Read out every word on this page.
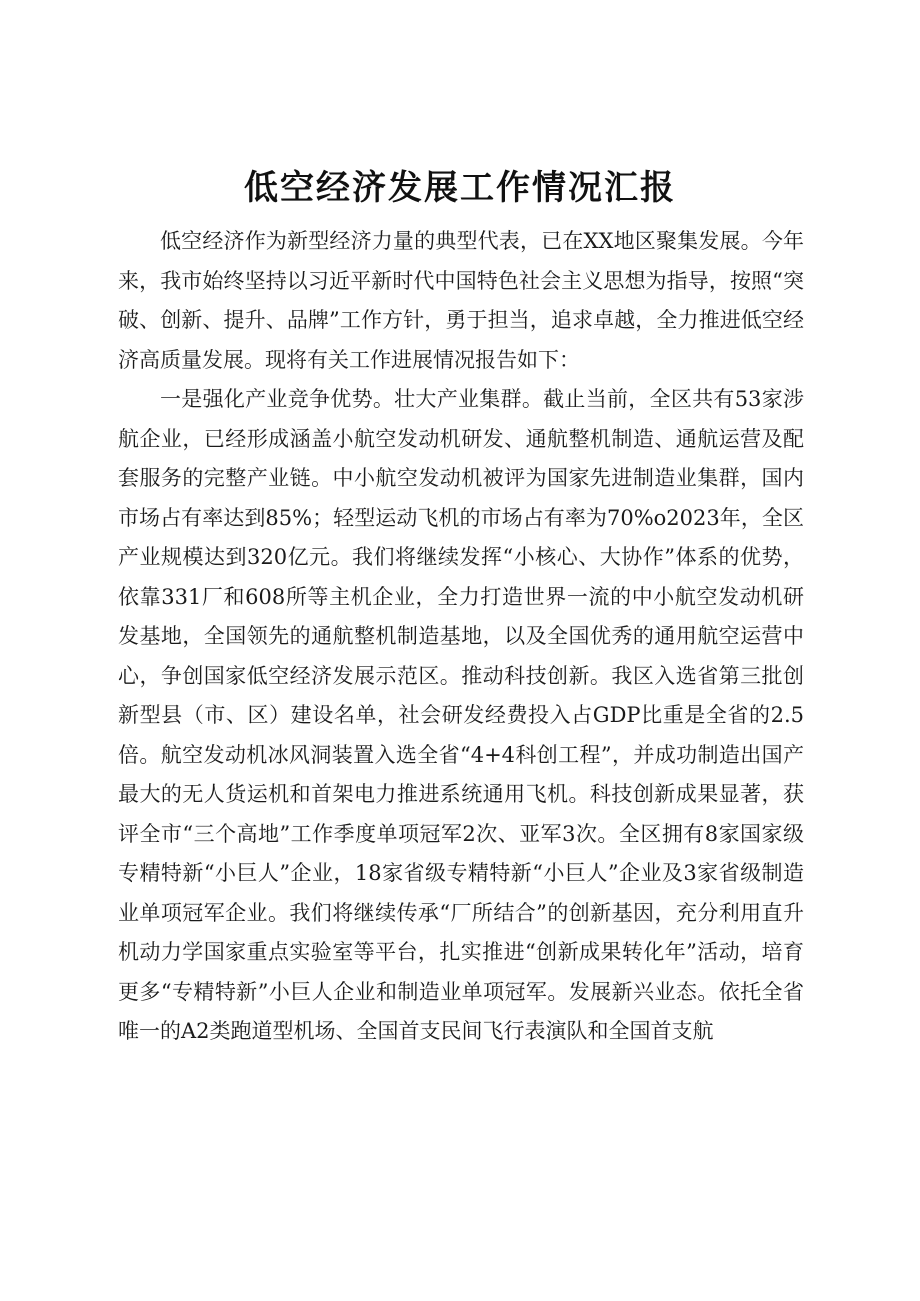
低空经济发展工作情况汇报

低空经济作为新型经济力量的典型代表，已在XX地区聚集发展。今年来，我市始终坚持以习近平新时代中国特色社会主义思想为指导，按照“突破、创新、提升、品牌”工作方针，勇于担当，追求卓越，全力推进低空经济高质量发展。现将有关工作进展情况报告如下：

一是强化产业竞争优势。壮大产业集群。截止当前，全区共有53家涉航企业，已经形成涵盖小航空发动机研发、通航整机制造、通航运营及配套服务的完整产业链。中小航空发动机被评为国家先进制造业集群，国内市场占有率达到85%；轻型运动飞机的市场占有率为70%o2023年，全区产业规模达到320亿元。我们将继续发挥“小核心、大协作”体系的优势，依靠331厂和608所等主机企业，全力打造世界一流的中小航空发动机研发基地，全国领先的通航整机制造基地，以及全国优秀的通用航空运营中心，争创国家低空经济发展示范区。推动科技创新。我区入选省第三批创新型县（市、区）建设名单，社会研发经费投入占GDP比重是全省的2.5倍。航空发动机冰风洞装置入选全省“4+4科创工程”，并成功制造出国产最大的无人货运机和首架电力推进系统通用飞机。科技创新成果显著，获评全市“三个高地”工作季度单项冠军2次、亚军3次。全区拥有8家国家级专精特新“小巨人”企业，18家省级专精特新“小巨人”企业及3家省级制造业单项冠军企业。我们将继续传承“厂所结合”的创新基因，充分利用直升机动力学国家重点实验室等平台，扎实推进“创新成果转化年”活动，培育更多“专精特新”小巨人企业和制造业单项冠军。发展新兴业态。依托全省唯一的A2类跑道型机场、全国首支民间飞行表演队和全国首支航
